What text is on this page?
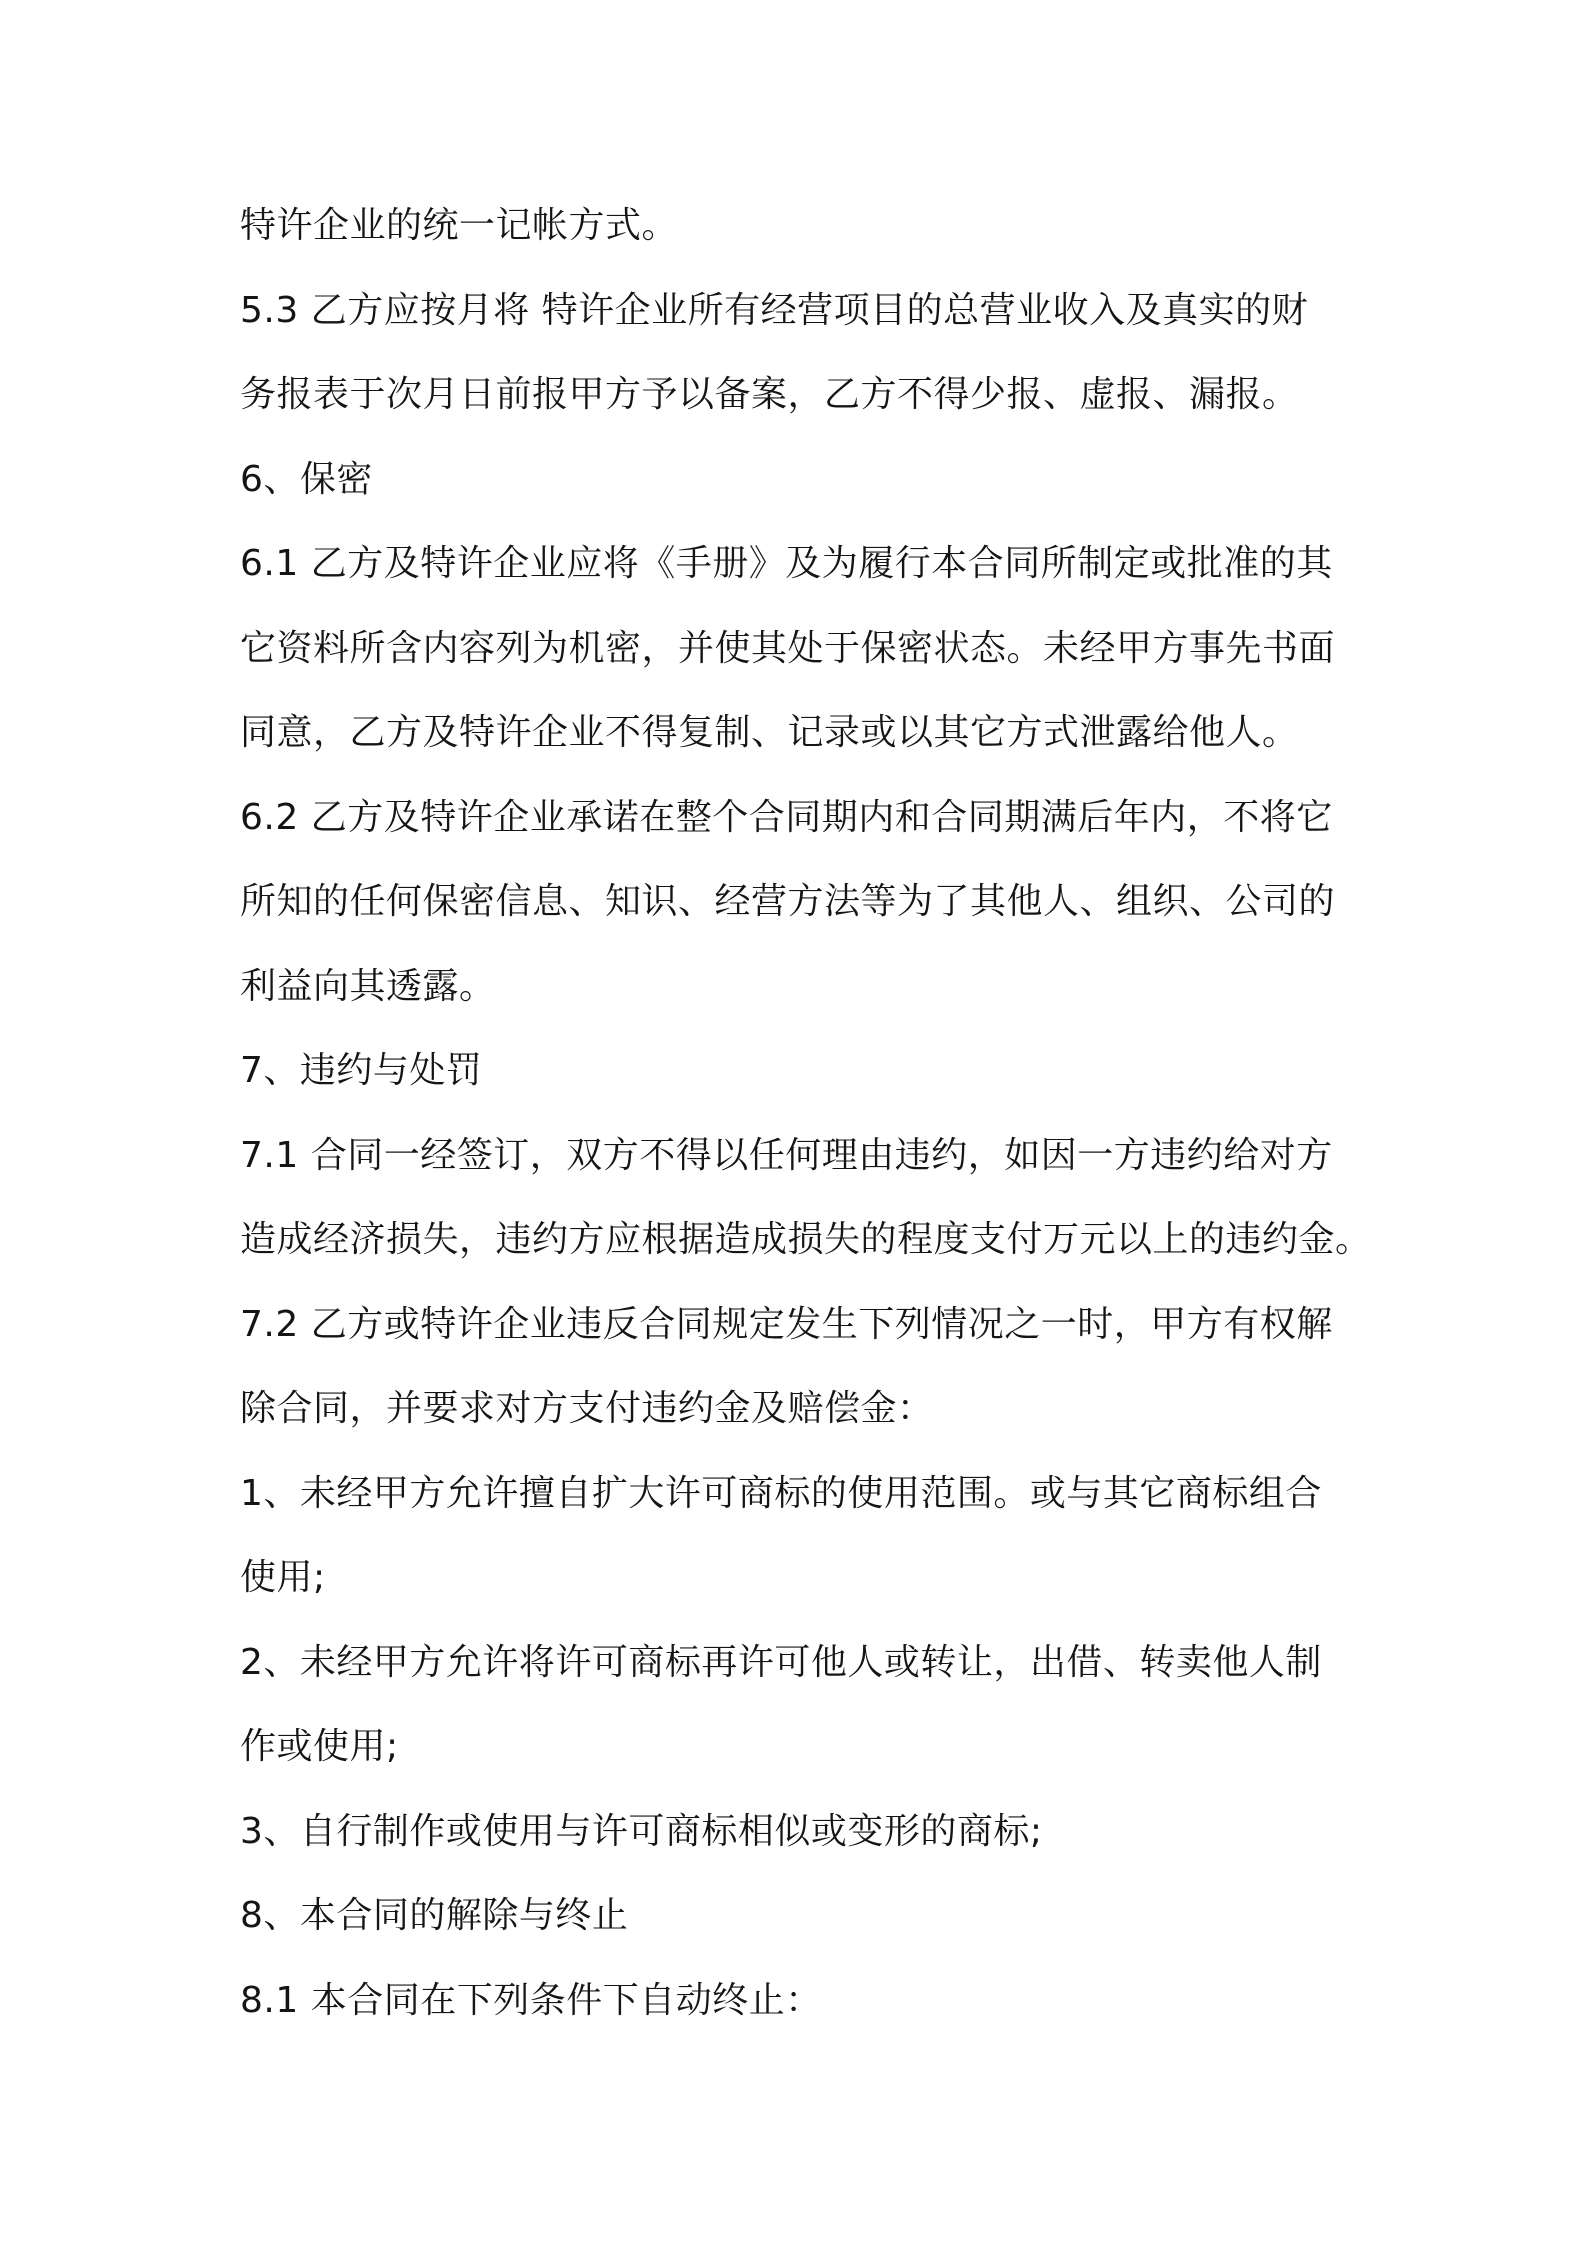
特许企业的统一记帐方式。
5.3 乙方应按月将 特许企业所有经营项目的总营业收入及真实的财
务报表于次月日前报甲方予以备案，乙方不得少报、虚报、漏报。
6、保密
6.1 乙方及特许企业应将《手册》及为履行本合同所制定或批准的其
它资料所含内容列为机密，并使其处于保密状态。未经甲方事先书面
同意，乙方及特许企业不得复制、记录或以其它方式泄露给他人。
6.2 乙方及特许企业承诺在整个合同期内和合同期满后年内，不将它
所知的任何保密信息、知识、经营方法等为了其他人、组织、公司的
利益向其透露。
7、违约与处罚
7.1 合同一经签订，双方不得以任何理由违约，如因一方违约给对方
造成经济损失，违约方应根据造成损失的程度支付万元以上的违约金。
7.2 乙方或特许企业违反合同规定发生下列情况之一时，甲方有权解
除合同，并要求对方支付违约金及赔偿金：
1、未经甲方允许擅自扩大许可商标的使用范围。或与其它商标组合
使用;
2、未经甲方允许将许可商标再许可他人或转让，出借、转卖他人制
作或使用;
3、自行制作或使用与许可商标相似或变形的商标;
8、本合同的解除与终止
8.1 本合同在下列条件下自动终止：
